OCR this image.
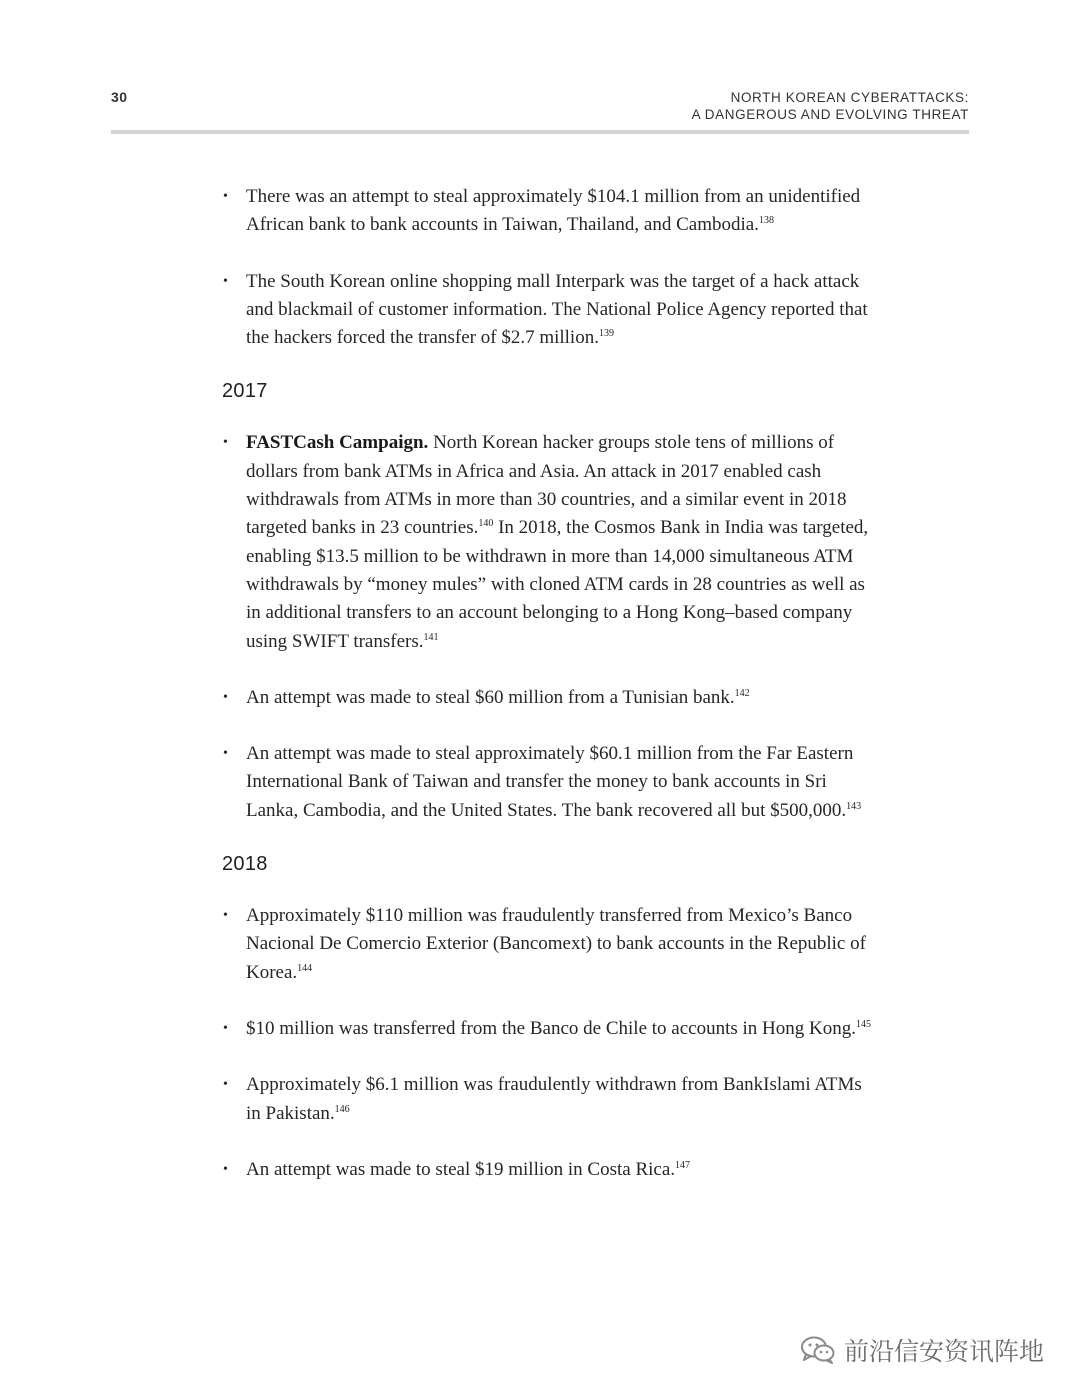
30	NORTH KOREAN CYBERATTACKS:
A DANGEROUS AND EVOLVING THREAT
• There was an attempt to steal approximately $104.1 million from an unidentified African bank to bank accounts in Taiwan, Thailand, and Cambodia.$^{138}$
• The South Korean online shopping mall Interpark was the target of a hack attack and blackmail of customer information. The National Police Agency reported that the hackers forced the transfer of $2.7 million.$^{139}$
2017
• FASTCash Campaign. North Korean hacker groups stole tens of millions of dollars from bank ATMs in Africa and Asia. An attack in 2017 enabled cash withdrawals from ATMs in more than 30 countries, and a similar event in 2018 targeted banks in 23 countries.$^{140}$ In 2018, the Cosmos Bank in India was targeted, enabling $13.5 million to be withdrawn in more than 14,000 simultaneous ATM withdrawals by “money mules” with cloned ATM cards in 28 countries as well as in additional transfers to an account belonging to a Hong Kong–based company using SWIFT transfers.$^{141}$
• An attempt was made to steal $60 million from a Tunisian bank.$^{142}$
• An attempt was made to steal approximately $60.1 million from the Far Eastern International Bank of Taiwan and transfer the money to bank accounts in Sri Lanka, Cambodia, and the United States. The bank recovered all but $500,000.$^{143}$
2018
• Approximately $110 million was fraudulently transferred from Mexico’s Banco Nacional De Comercio Exterior (Bancomext) to bank accounts in the Republic of Korea.$^{144}$
• $10 million was transferred from the Banco de Chile to accounts in Hong Kong.$^{145}$
• Approximately $6.1 million was fraudulently withdrawn from BankIslami ATMs in Pakistan.$^{146}$
• An attempt was made to steal $19 million in Costa Rica.$^{147}$
前沿信安资讯阵地
